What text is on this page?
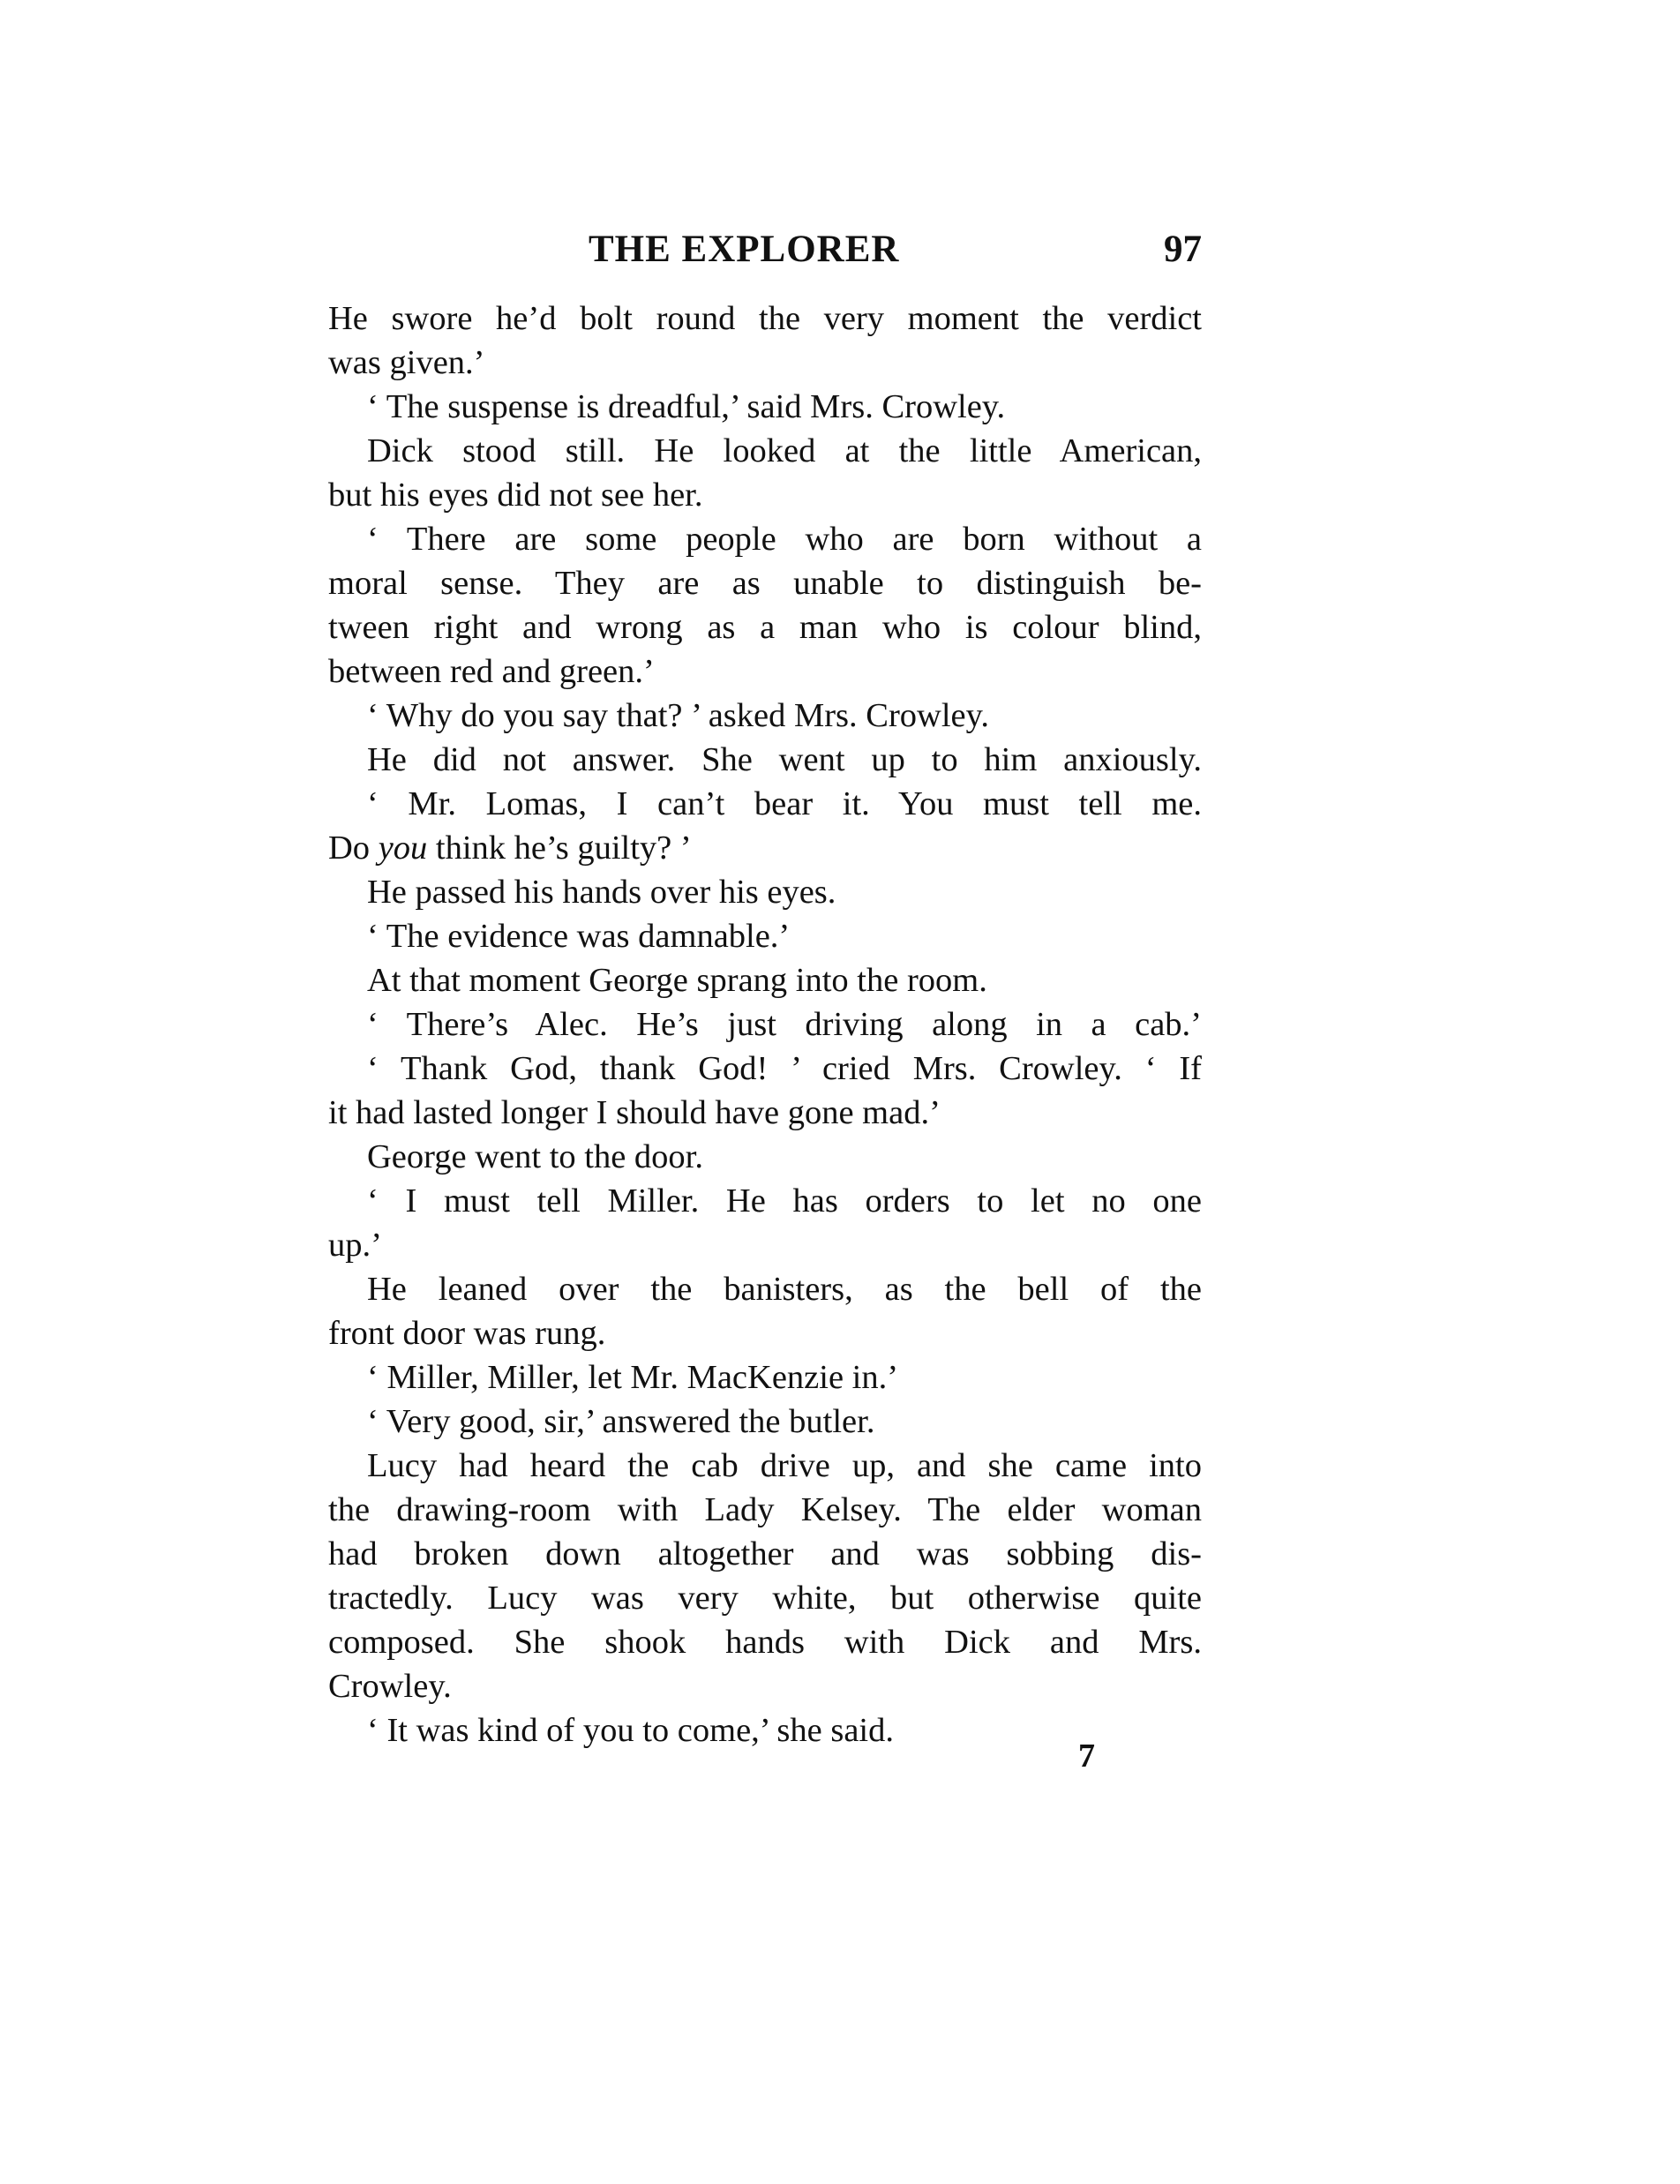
THE EXPLORER	97
He swore he’d bolt round the very moment the verdict
was given.’
‘ The suspense is dreadful,’ said Mrs. Crowley.
Dick stood still. He looked at the little American,
but his eyes did not see her.
‘ There are some people who are born without a
moral sense. They are as unable to distinguish be-
tween right and wrong as a man who is colour blind,
between red and green.’
‘ Why do you say that? ’ asked Mrs. Crowley.
He did not answer. She went up to him anxiously.
‘ Mr. Lomas, I can’t bear it. You must tell me.
Do you think he’s guilty? ’
He passed his hands over his eyes.
‘ The evidence was damnable.’
At that moment George sprang into the room.
‘ There’s Alec. He’s just driving along in a cab.’
‘ Thank God, thank God! ’ cried Mrs. Crowley. ‘ If
it had lasted longer I should have gone mad.’
George went to the door.
‘ I must tell Miller. He has orders to let no one
up.’
He leaned over the banisters, as the bell of the
front door was rung.
‘ Miller, Miller, let Mr. MacKenzie in.’
‘ Very good, sir,’ answered the butler.
Lucy had heard the cab drive up, and she came into
the drawing-room with Lady Kelsey. The elder woman
had broken down altogether and was sobbing dis-
tractedly. Lucy was very white, but otherwise quite
composed. She shook hands with Dick and Mrs.
Crowley.
‘ It was kind of you to come,’ she said.
7
